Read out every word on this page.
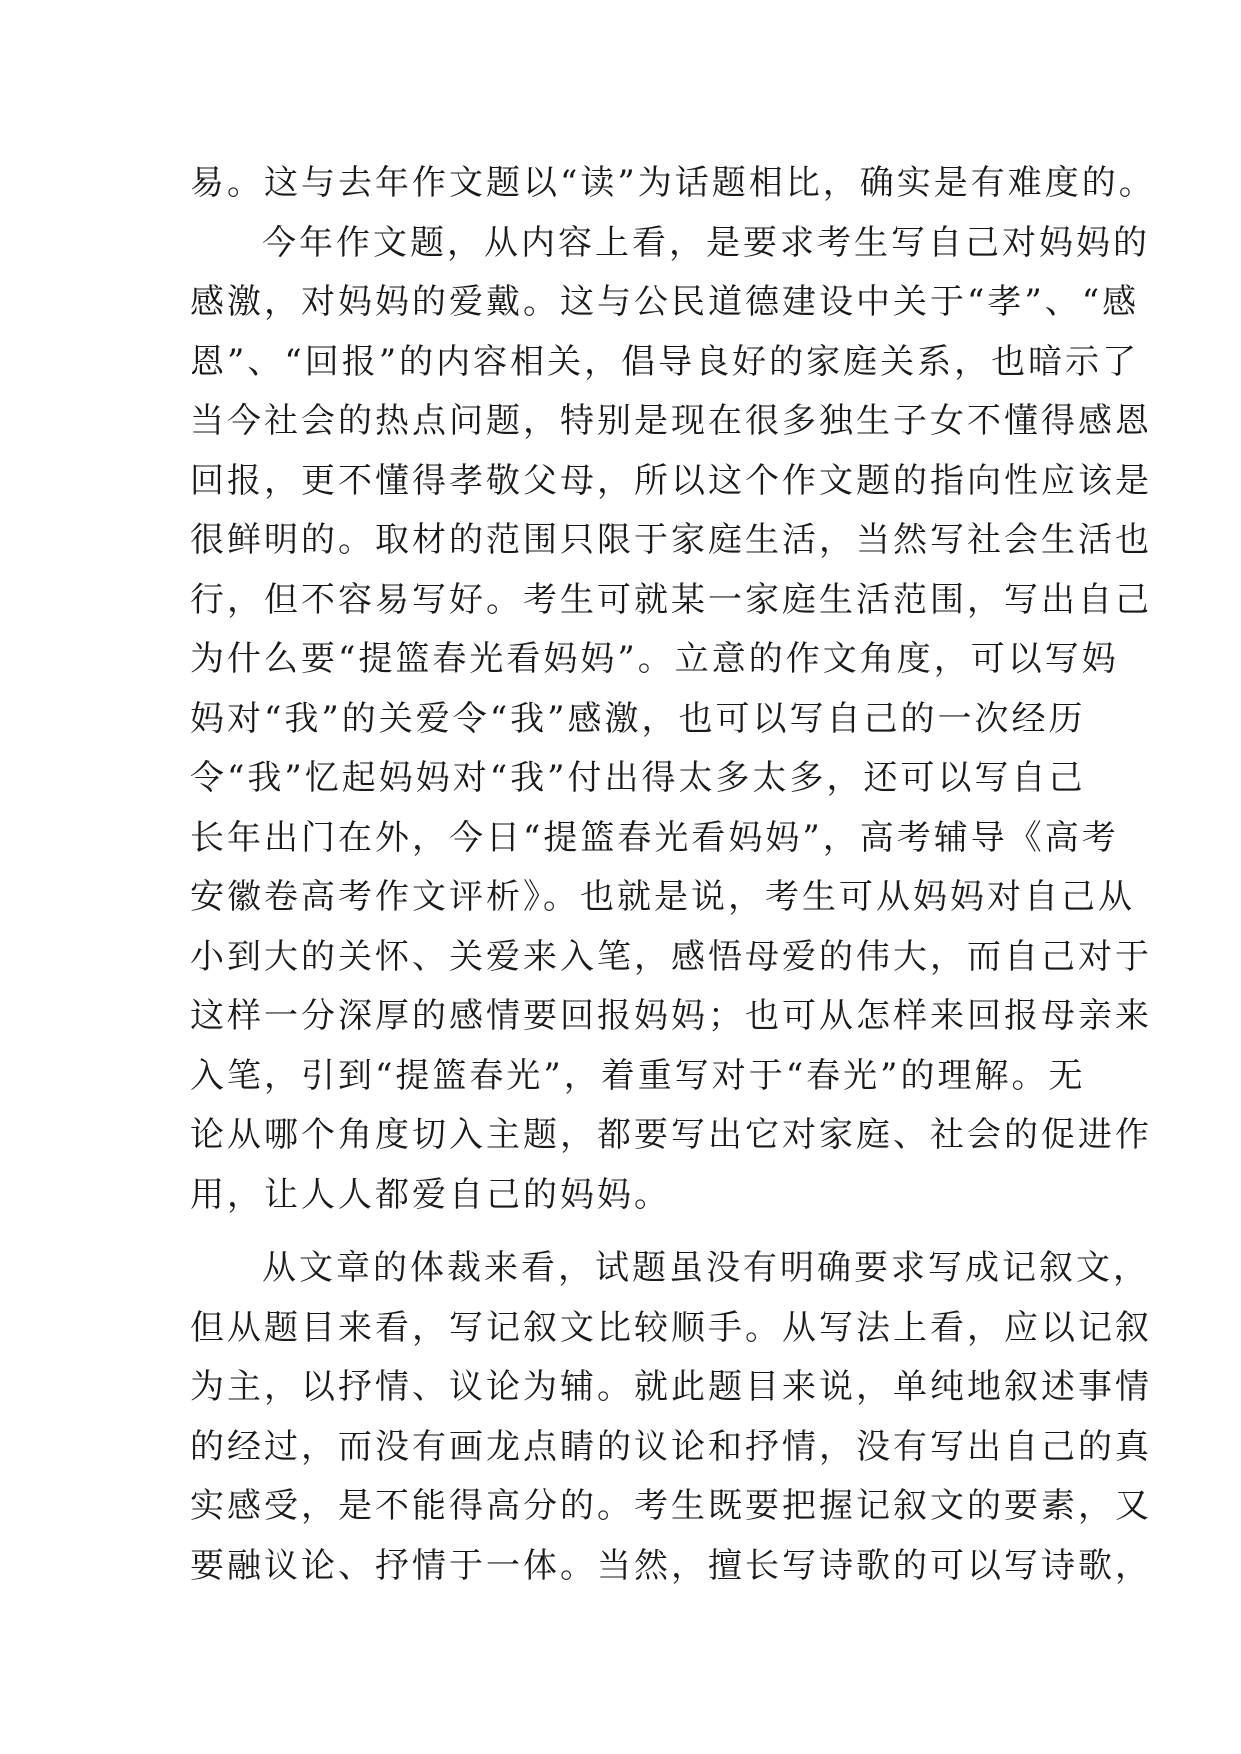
易。这与去年作文题以“读”为话题相比，确实是有难度的。
今年作文题，从内容上看，是要求考生写自己对妈妈的
感激，对妈妈的爱戴。这与公民道德建设中关于“孝”、“感
恩”、“回报”的内容相关，倡导良好的家庭关系，也暗示了
当今社会的热点问题，特别是现在很多独生子女不懂得感恩
回报，更不懂得孝敬父母，所以这个作文题的指向性应该是
很鲜明的。取材的范围只限于家庭生活，当然写社会生活也
行，但不容易写好。考生可就某一家庭生活范围，写出自己
为什么要“提篮春光看妈妈”。立意的作文角度，可以写妈
妈对“我”的关爱令“我”感激，也可以写自己的一次经历
令“我”忆起妈妈对“我”付出得太多太多，还可以写自己
长年出门在外，今日“提篮春光看妈妈”，高考辅导《高考
安徽卷高考作文评析》。也就是说，考生可从妈妈对自己从
小到大的关怀、关爱来入笔，感悟母爱的伟大，而自己对于
这样一分深厚的感情要回报妈妈；也可从怎样来回报母亲来
入笔，引到“提篮春光”，着重写对于“春光”的理解。无
论从哪个角度切入主题，都要写出它对家庭、社会的促进作
用，让人人都爱自己的妈妈。
从文章的体裁来看，试题虽没有明确要求写成记叙文，
但从题目来看，写记叙文比较顺手。从写法上看，应以记叙
为主，以抒情、议论为辅。就此题目来说，单纯地叙述事情
的经过，而没有画龙点睛的议论和抒情，没有写出自己的真
实感受，是不能得高分的。考生既要把握记叙文的要素，又
要融议论、抒情于一体。当然，擅长写诗歌的可以写诗歌，
